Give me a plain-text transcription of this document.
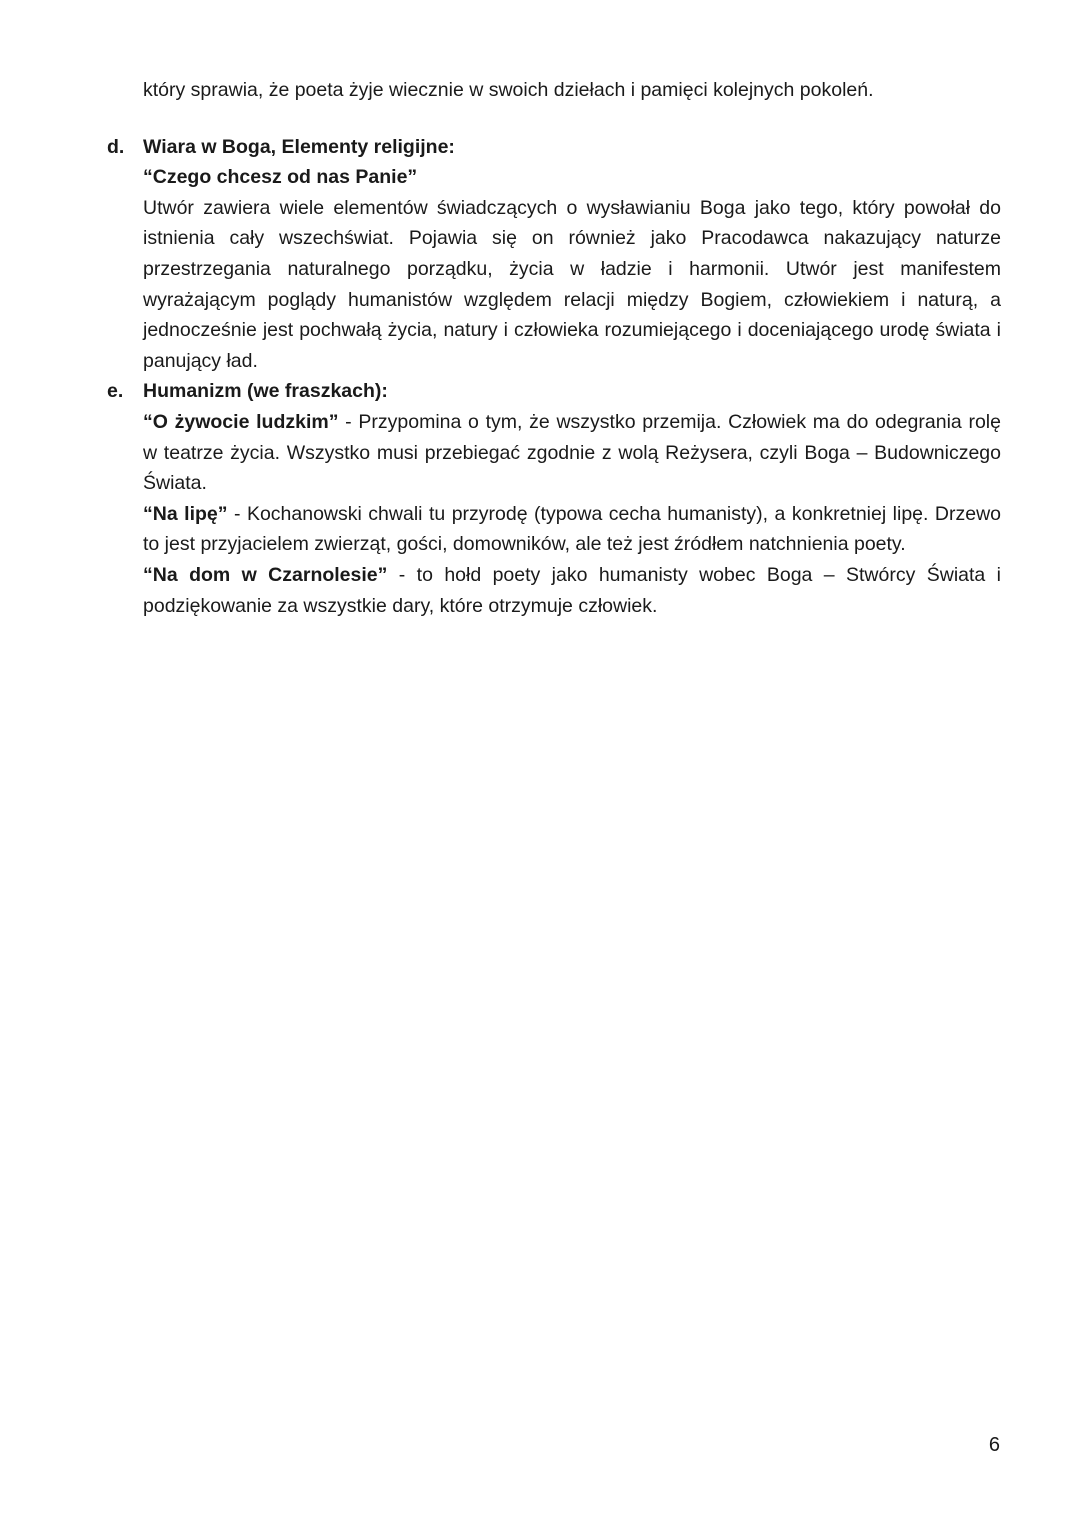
który sprawia, że poeta żyje wiecznie w swoich dziełach i pamięci kolejnych pokoleń.

d. Wiara w Boga, Elementy religijne:

“Czego chcesz od nas Panie”

Utwór zawiera wiele elementów świadczących o wysławianiu Boga jako tego, który powołał do istnienia cały wszechświat. Pojawia się on również jako Pracodawca nakazujący naturze przestrzegania naturalnego porządku, życia w ładzie i harmonii. Utwór jest manifestem wyrażającym poglądy humanistów względem relacji między Bogiem, człowiekiem i naturą, a jednocześnie jest pochwałą życia, natury i człowieka rozumiejącego i doceniającego urodę świata i panujący ład.

e. Humanizm (we fraszkach):

“O żywocie ludzkim” - Przypomina o tym, że wszystko przemija. Człowiek ma do odegrania rolę w teatrze życia. Wszystko musi przebiegać zgodnie z wolą Reżysera, czyli Boga – Budowniczego Świata.

“Na lipę” - Kochanowski chwali tu przyrodę (typowa cecha humanisty), a konkretniej lipę. Drzewo to jest przyjacielem zwierząt, gości, domowników, ale też jest źródłem natchnienia poety.

“Na dom w Czarnolesie” - to hołd poety jako humanisty wobec Boga – Stwórcy Świata i podziękowanie za wszystkie dary, które otrzymuje człowiek.

6
